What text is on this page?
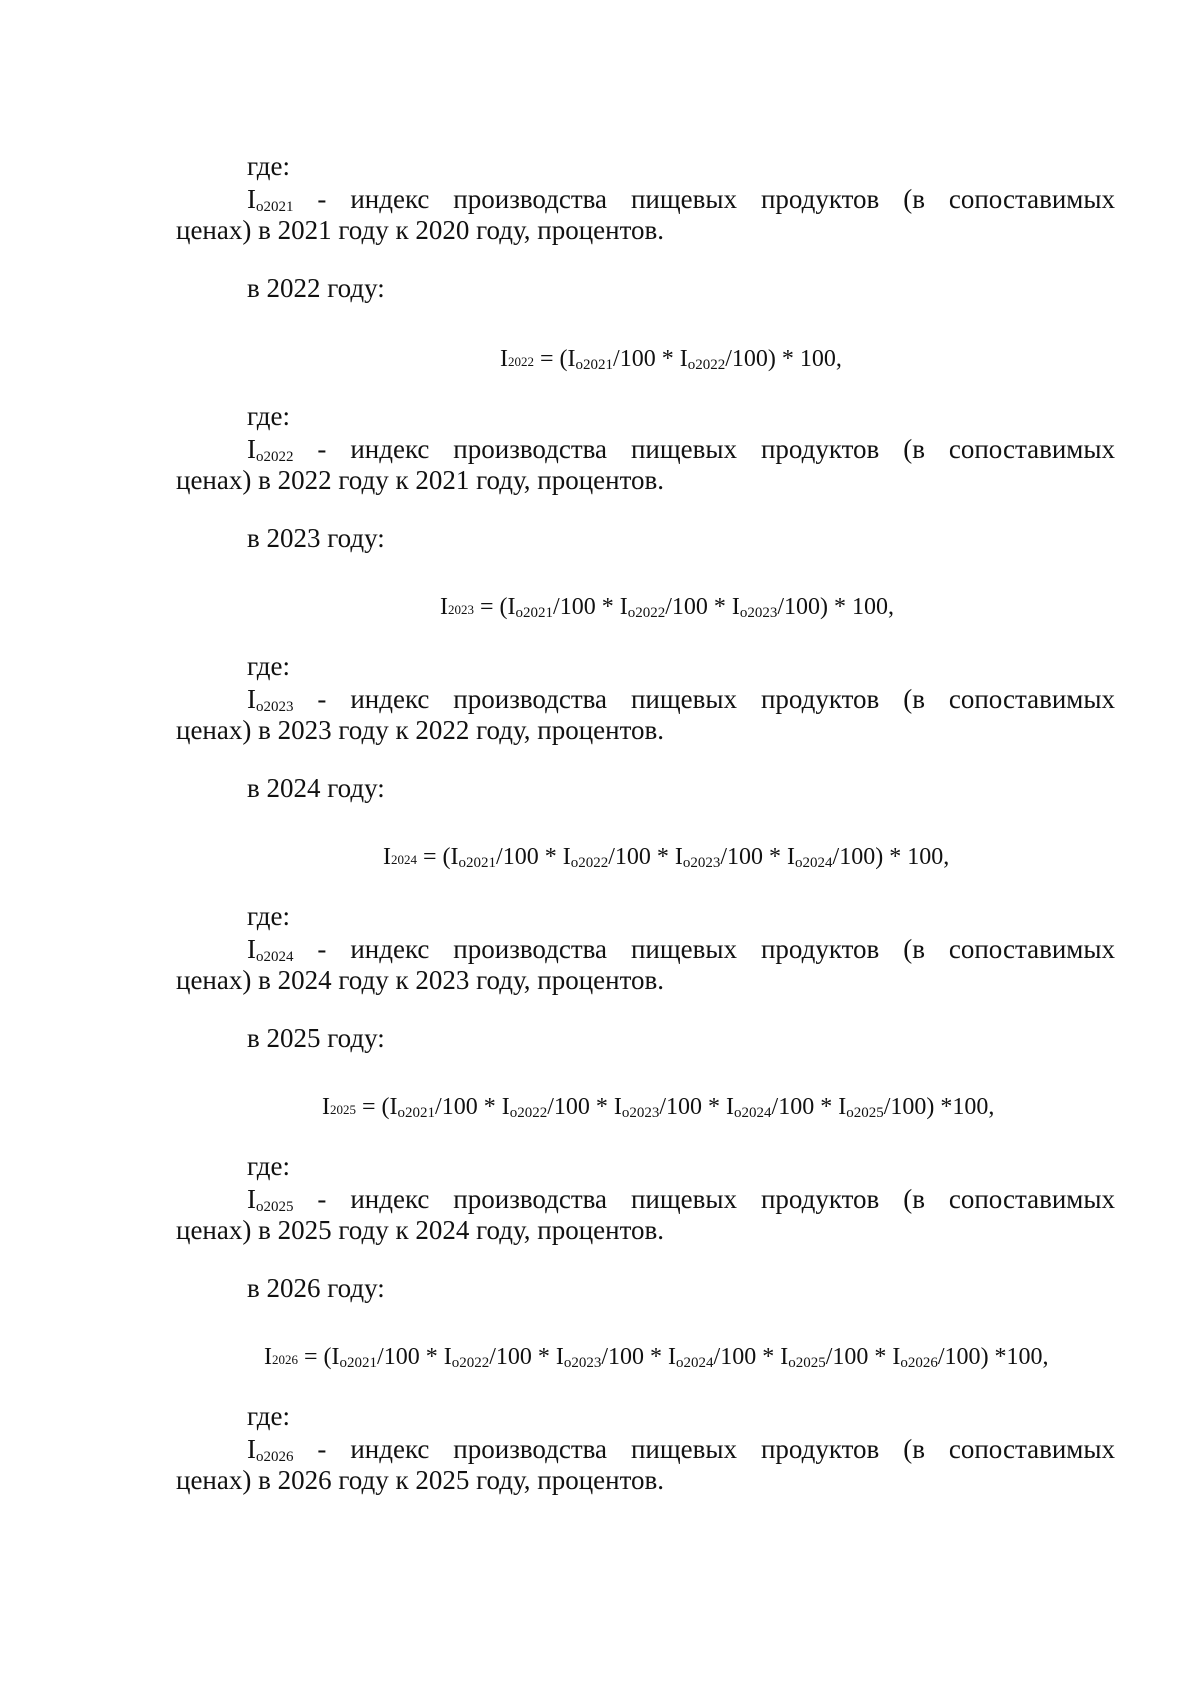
где:
$I_{o2021}$ - индекс производства пищевых продуктов (в сопоставимых
ценах) в 2021 году к 2020 году, процентов.
в 2022 году:
$I2022 = (I_{o2021}/100 * I_{o2022}/100) * 100$,
где:
$I_{o2022}$ - индекс производства пищевых продуктов (в сопоставимых
ценах) в 2022 году к 2021 году, процентов.
в 2023 году:
$I2023 = (I_{o2021}/100 * I_{o2022}/100 * I_{o2023}/100) * 100$,
где:
$I_{o2023}$ - индекс производства пищевых продуктов (в сопоставимых
ценах) в 2023 году к 2022 году, процентов.
в 2024 году:
$I2024 = (I_{o2021}/100 * I_{o2022}/100 * I_{o2023}/100 * I_{o2024}/100) * 100$,
где:
$I_{o2024}$ - индекс производства пищевых продуктов (в сопоставимых
ценах) в 2024 году к 2023 году, процентов.
в 2025 году:
$I2025 = (I_{o2021}/100 * I_{o2022}/100 * I_{o2023}/100 * I_{o2024}/100 * I_{o2025}/100)$ *100,
где:
$I_{o2025}$ - индекс производства пищевых продуктов (в сопоставимых
ценах) в 2025 году к 2024 году, процентов.
в 2026 году:
$I2026 = (I_{o2021}/100 * I_{o2022}/100 * I_{o2023}/100 * I_{o2024}/100 * I_{o2025}/100 * I_{o2026}/100)$ *100,
где:
$I_{o2026}$ - индекс производства пищевых продуктов (в сопоставимых
ценах) в 2026 году к 2025 году, процентов.
